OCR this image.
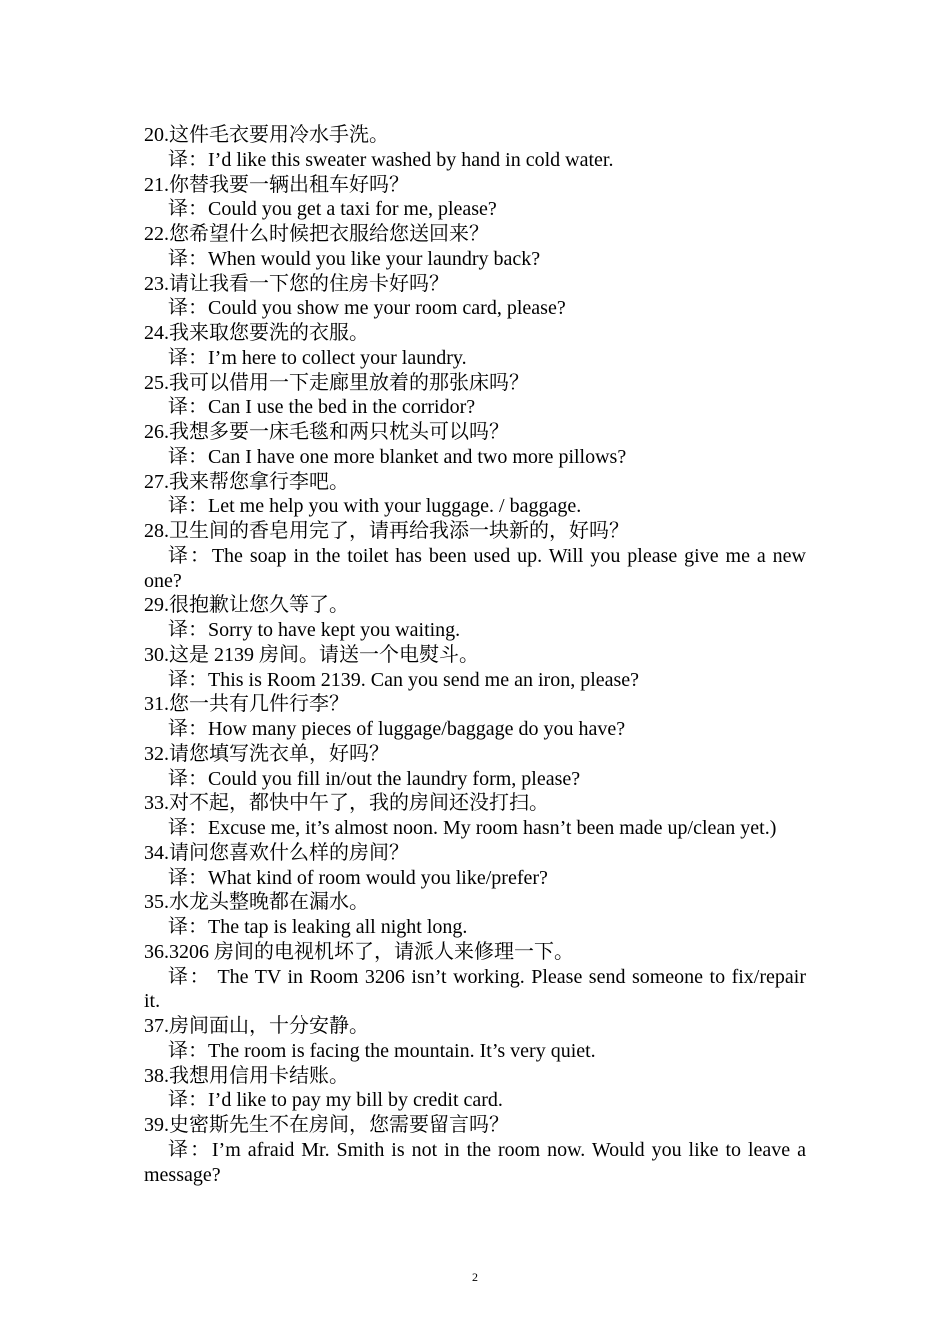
20.这件毛衣要用冷水手洗。
译：I’d like this sweater washed by hand in cold water.
21.你替我要一辆出租车好吗？
译：Could you get a taxi for me, please?
22.您希望什么时候把衣服给您送回来？
译：When would you like your laundry back?
23.请让我看一下您的住房卡好吗？
译：Could you show me your room card, please?
24.我来取您要洗的衣服。
译：I’m here to collect your laundry.
25.我可以借用一下走廊里放着的那张床吗？
译：Can I use the bed in the corridor?
26.我想多要一床毛毯和两只枕头可以吗？
译：Can I have one more blanket and two more pillows?
27.我来帮您拿行李吧。
译：Let me help you with your luggage. / baggage.
28.卫生间的香皂用完了，请再给我添一块新的，好吗？
译：The soap in the toilet has been used up. Will you please give me a new one?
29.很抱歉让您久等了。
译：Sorry to have kept you waiting.
30.这是 2139 房间。请送一个电熨斗。
译：This is Room 2139. Can you send me an iron, please?
31.您一共有几件行李？
译：How many pieces of luggage/baggage do you have?
32.请您填写洗衣单，好吗？
译：Could you fill in/out the laundry form, please?
33.对不起，都快中午了，我的房间还没打扫。
译：Excuse me, it’s almost noon. My room hasn’t been made up/clean yet.)
34.请问您喜欢什么样的房间？
译：What kind of room would you like/prefer?
35.水龙头整晚都在漏水。
译：The tap is leaking all night long.
36.3206 房间的电视机坏了，请派人来修理一下。
译： The TV in Room 3206 isn’t working. Please send someone to fix/repair it.
37.房间面山，十分安静。
译：The room is facing the mountain. It’s very quiet.
38.我想用信用卡结账。
译：I’d like to pay my bill by credit card.
39.史密斯先生不在房间，您需要留言吗？
译：I’m afraid Mr. Smith is not in the room now. Would you like to leave a message?
2
